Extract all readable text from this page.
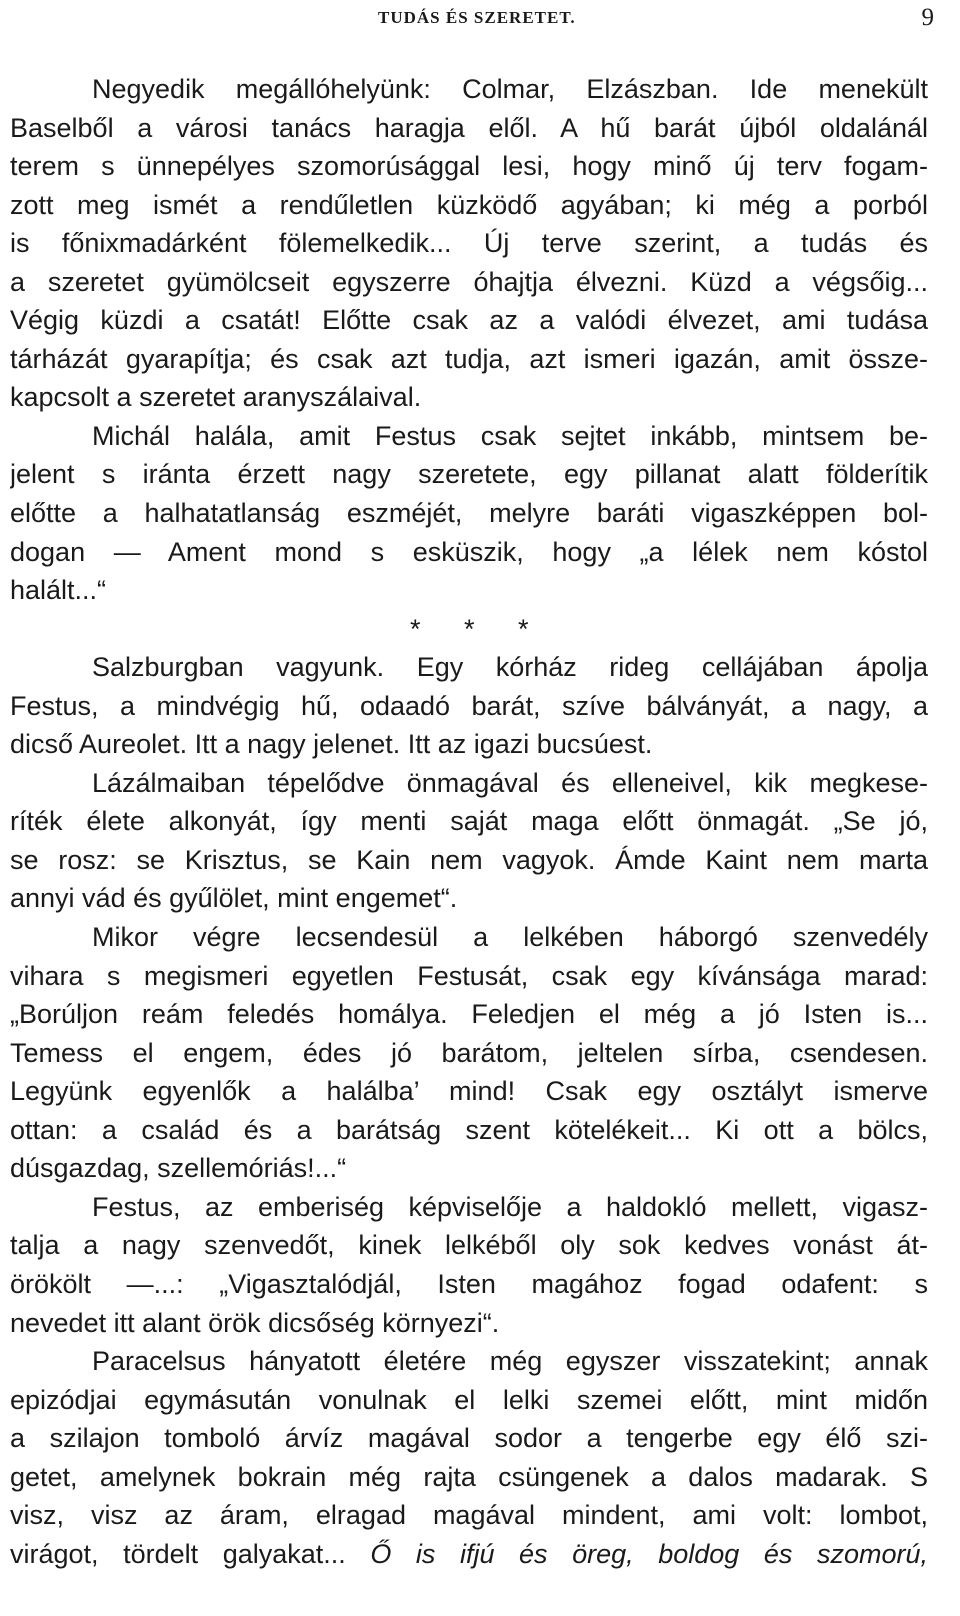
TUDÁS ÉS SZERETET.	9
Negyedik megállóhelyünk: Colmar, Elzászban. Ide menekült
Baselből a városi tanács haragja elől. A hű barát újból oldalánál
terem s ünnepélyes szomorúsággal lesi, hogy minő új terv fogam-
zott meg ismét a rendűletlen küzködő agyában; ki még a porból
is főnixmadárként fölemelkedik... Új terve szerint, a tudás és
a szeretet gyümölcseit egyszerre óhajtja élvezni. Küzd a végsőig...
Végig küzdi a csatát! Előtte csak az a valódi élvezet, ami tudása
tárházát gyarapítja; és csak azt tudja, azt ismeri igazán, amit össze-
kapcsolt a szeretet aranyszálaival.
Michál halála, amit Festus csak sejtet inkább, mintsem be-
jelent s iránta érzett nagy szeretete, egy pillanat alatt földerítik
előtte a halhatatlanság eszméjét, melyre baráti vigaszképpen bol-
dogan — Ament mond s esküszik, hogy „a lélek nem kóstol
halált...“
* * *
Salzburgban vagyunk. Egy kórház rideg cellájában ápolja
Festus, a mindvégig hű, odaadó barát, szíve bálványát, a nagy, a
dicső Aureolet. Itt a nagy jelenet. Itt az igazi bucsúest.
Lázálmaiban tépelődve önmagával és elleneivel, kik megkese-
ríték élete alkonyát, így menti saját maga előtt önmagát. „Se jó,
se rosz: se Krisztus, se Kain nem vagyok. Ámde Kaint nem marta
annyi vád és gyűlölet, mint engemet“.
Mikor végre lecsendesül a lelkében háborgó szenvedély
vihara s megismeri egyetlen Festusát, csak egy kívánsága marad:
„Borúljon reám feledés homálya. Feledjen el még a jó Isten is...
Temess el engem, édes jó barátom, jeltelen sírba, csendesen.
Legyünk egyenlők a halálba’ mind! Csak egy osztályt ismerve
ottan: a család és a barátság szent kötelékeit... Ki ott a bölcs,
dúsgazdag, szellemóriás!...“
Festus, az emberiség képviselője a haldokló mellett, vigasz-
talja a nagy szenvedőt, kinek lelkéből oly sok kedves vonást át-
örökölt —...: „Vigasztalódjál, Isten magához fogad odafent: s
nevedet itt alant örök dicsőség környezi“.
Paracelsus hányatott életére még egyszer visszatekint; annak
epizódjai egymásután vonulnak el lelki szemei előtt, mint midőn
a szilajon tomboló árvíz magával sodor a tengerbe egy élő szi-
getet, amelynek bokrain még rajta csüngenek a dalos madarak. S
visz, visz az áram, elragad magával mindent, ami volt: lombot,
virágot, tördelt galyakat... Ő is ifjú és öreg, boldog és szomorú,
